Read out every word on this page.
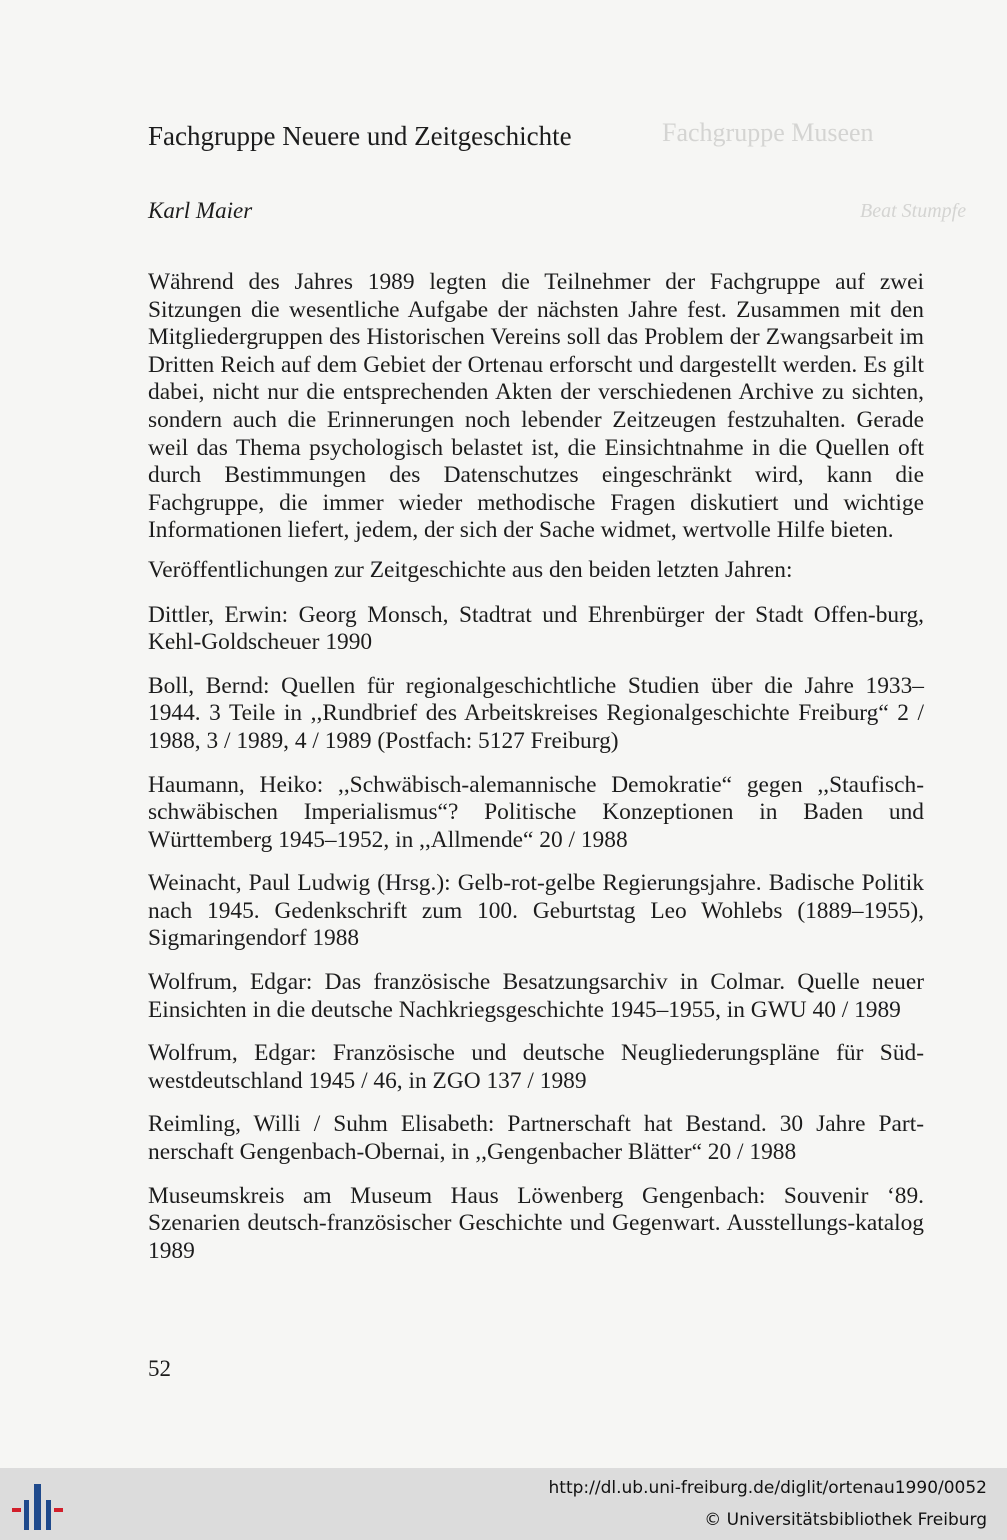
Fachgruppe Museen
Beat Stumpfe
Fachgruppe Neuere und Zeitgeschichte

Karl Maier

Während des Jahres 1989 legten die Teilnehmer der Fachgruppe auf zwei Sitzungen die wesentliche Aufgabe der nächsten Jahre fest. Zusammen mit den Mitgliedergruppen des Historischen Vereins soll das Problem der Zwangsarbeit im Dritten Reich auf dem Gebiet der Ortenau erforscht und dargestellt werden. Es gilt dabei, nicht nur die entsprechenden Akten der verschiedenen Archive zu sichten, sondern auch die Erinnerungen noch lebender Zeitzeugen festzuhalten. Gerade weil das Thema psychologisch belastet ist, die Einsichtnahme in die Quellen oft durch Bestimmungen des Datenschutzes eingeschränkt wird, kann die Fachgruppe, die immer wieder methodische Fragen diskutiert und wichtige Informationen liefert, jedem, der sich der Sache widmet, wertvolle Hilfe bieten.

Veröffentlichungen zur Zeitgeschichte aus den beiden letzten Jahren:

Dittler, Erwin: Georg Monsch, Stadtrat und Ehrenbürger der Stadt Offen-burg, Kehl-Goldscheuer 1990

Boll, Bernd: Quellen für regionalgeschichtliche Studien über die Jahre 1933–1944. 3 Teile in ,,Rundbrief des Arbeitskreises Regionalgeschichte Freiburg“ 2 / 1988, 3 / 1989, 4 / 1989 (Postfach: 5127 Freiburg)

Haumann, Heiko: ,,Schwäbisch-alemannische Demokratie“ gegen ,,Staufisch-schwäbischen Imperialismus“? Politische Konzeptionen in Baden und Württemberg 1945–1952, in ,,Allmende“ 20 / 1988

Weinacht, Paul Ludwig (Hrsg.): Gelb-rot-gelbe Regierungsjahre. Badische Politik nach 1945. Gedenkschrift zum 100. Geburtstag Leo Wohlebs (1889–1955), Sigmaringendorf 1988

Wolfrum, Edgar: Das französische Besatzungsarchiv in Colmar. Quelle neuer Einsichten in die deutsche Nachkriegsgeschichte 1945–1955, in GWU 40 / 1989

Wolfrum, Edgar: Französische und deutsche Neugliederungspläne für Süd-westdeutschland 1945 / 46, in ZGO 137 / 1989

Reimling, Willi / Suhm Elisabeth: Partnerschaft hat Bestand. 30 Jahre Part-nerschaft Gengenbach-Obernai, in ,,Gengenbacher Blätter“ 20 / 1988

Museumskreis am Museum Haus Löwenberg Gengenbach: Souvenir ‘89. Szenarien deutsch-französischer Geschichte und Gegenwart. Ausstellungs-katalog 1989

52
http://dl.ub.uni-freiburg.de/diglit/ortenau1990/0052
© Universitätsbibliothek Freiburg
